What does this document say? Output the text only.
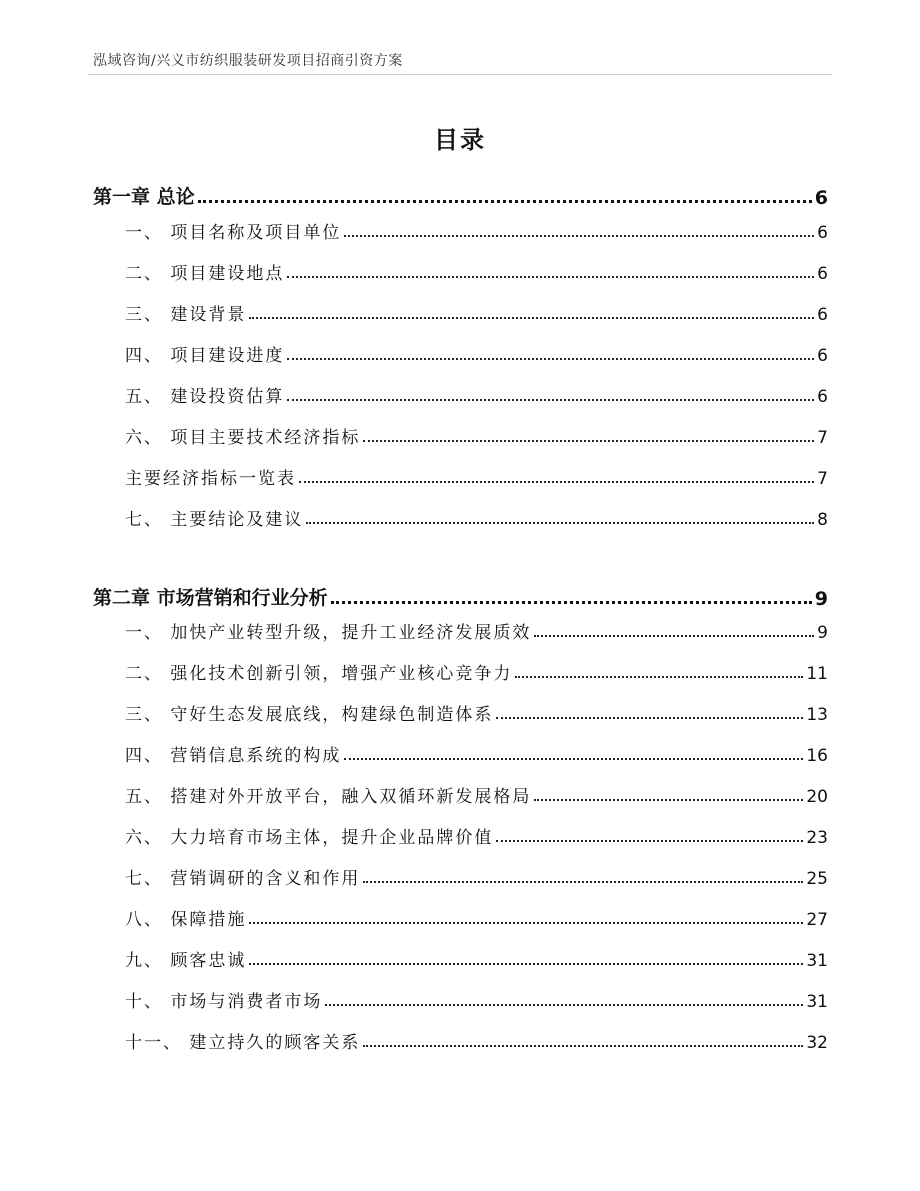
泓域咨询/兴义市纺织服装研发项目招商引资方案
目录
第一章 总论	6
一、 项目名称及项目单位	6
二、 项目建设地点	6
三、 建设背景	6
四、 项目建设进度	6
五、 建设投资估算	6
六、 项目主要技术经济指标	7
主要经济指标一览表	7
七、 主要结论及建议	8
第二章 市场营销和行业分析	9
一、 加快产业转型升级，提升工业经济发展质效	9
二、 强化技术创新引领，增强产业核心竞争力	11
三、 守好生态发展底线，构建绿色制造体系	13
四、 营销信息系统的构成	16
五、 搭建对外开放平台，融入双循环新发展格局	20
六、 大力培育市场主体，提升企业品牌价值	23
七、 营销调研的含义和作用	25
八、 保障措施	27
九、 顾客忠诚	31
十、 市场与消费者市场	31
十一、 建立持久的顾客关系	32
